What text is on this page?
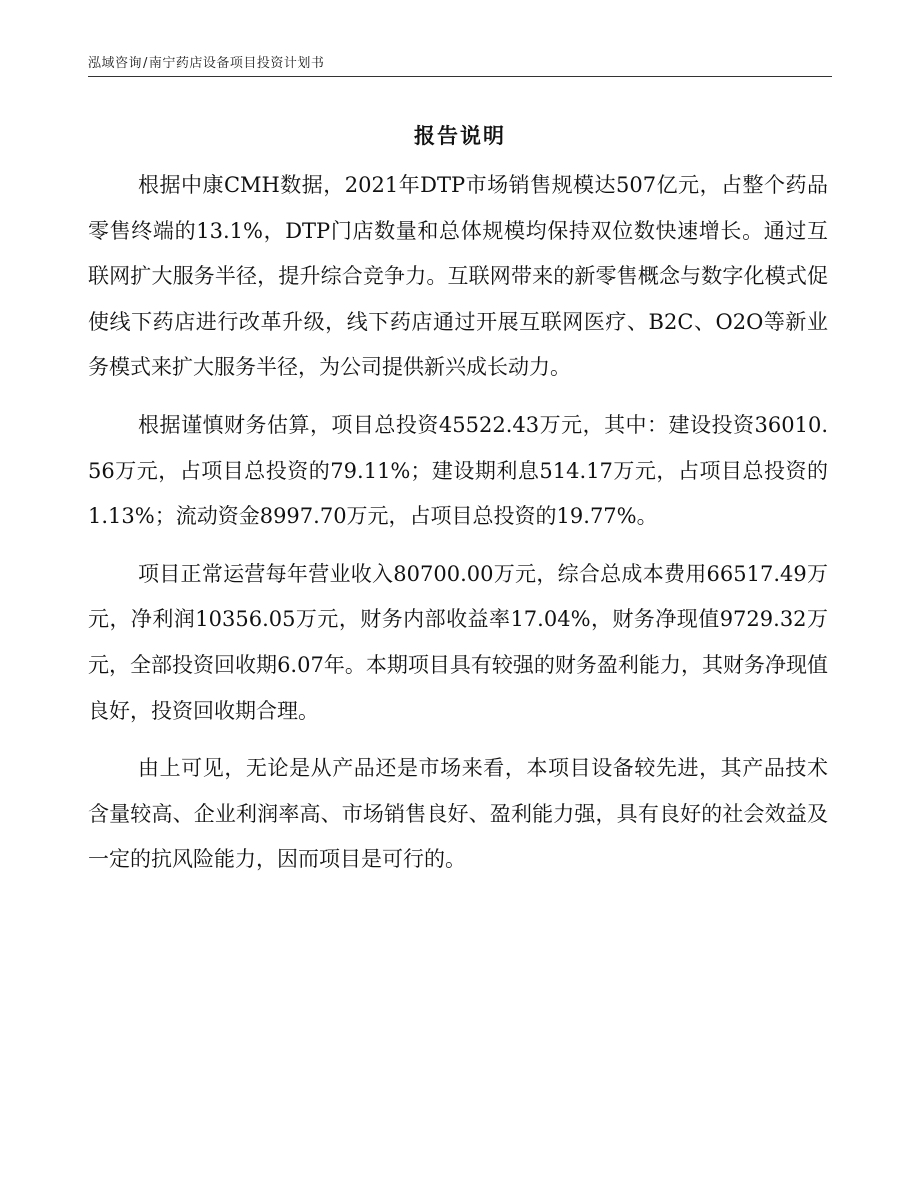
泓域咨询/南宁药店设备项目投资计划书
报告说明

根据中康CMH数据，2021年DTP市场销售规模达507亿元，占整个药品零售终端的13.1%，DTP门店数量和总体规模均保持双位数快速增长。通过互联网扩大服务半径，提升综合竞争力。互联网带来的新零售概念与数字化模式促使线下药店进行改革升级，线下药店通过开展互联网医疗、B2C、O2O等新业务模式来扩大服务半径，为公司提供新兴成长动力。

根据谨慎财务估算，项目总投资45522.43万元，其中：建设投资36010.56万元，占项目总投资的79.11%；建设期利息514.17万元，占项目总投资的1.13%；流动资金8997.70万元，占项目总投资的19.77%。

项目正常运营每年营业收入80700.00万元，综合总成本费用66517.49万元，净利润10356.05万元，财务内部收益率17.04%，财务净现值9729.32万元，全部投资回收期6.07年。本期项目具有较强的财务盈利能力，其财务净现值良好，投资回收期合理。

由上可见，无论是从产品还是市场来看，本项目设备较先进，其产品技术含量较高、企业利润率高、市场销售良好、盈利能力强，具有良好的社会效益及一定的抗风险能力，因而项目是可行的。
